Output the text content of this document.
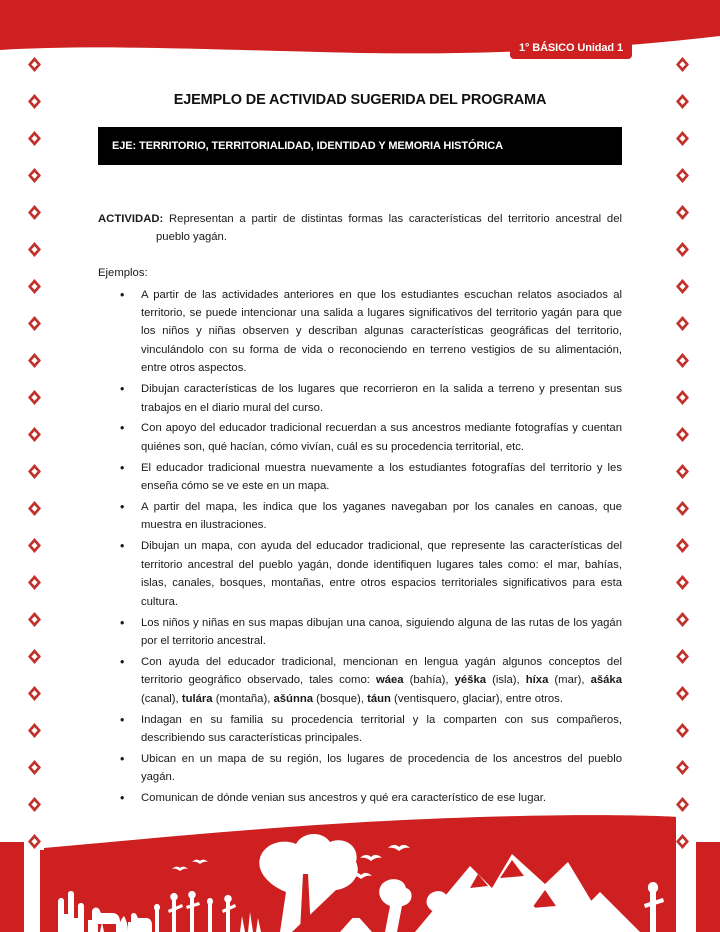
1° BÁSICO Unidad 1
EJEMPLO DE ACTIVIDAD SUGERIDA DEL PROGRAMA
EJE: TERRITORIO, TERRITORIALIDAD, IDENTIDAD Y MEMORIA HISTÓRICA
ACTIVIDAD: Representan a partir de distintas formas las características del territorio ancestral del pueblo yagán.
Ejemplos:
• A partir de las actividades anteriores en que los estudiantes escuchan relatos asociados al territorio, se puede intencionar una salida a lugares significativos del territorio yagán para que los niños y niñas observen y describan algunas características geográficas del territorio, vinculándolo con su forma de vida o reconociendo en terreno vestigios de su alimentación, entre otros aspectos.
• Dibujan características de los lugares que recorrieron en la salida a terreno y presentan sus trabajos en el diario mural del curso.
• Con apoyo del educador tradicional recuerdan a sus ancestros mediante fotografías y cuentan quiénes son, qué hacían, cómo vivían, cuál es su procedencia territorial, etc.
• El educador tradicional muestra nuevamente a los estudiantes fotografías del territorio y les enseña cómo se ve este en un mapa.
• A partir del mapa, les indica que los yaganes navegaban por los canales en canoas, que muestra en ilustraciones.
• Dibujan un mapa, con ayuda del educador tradicional, que represente las características del territorio ancestral del pueblo yagán, donde identifiquen lugares tales como: el mar, bahías, islas, canales, bosques, montañas, entre otros espacios territoriales significativos para esta cultura.
• Los niños y niñas en sus mapas dibujan una canoa, siguiendo alguna de las rutas de los yagán por el territorio ancestral.
• Con ayuda del educador tradicional, mencionan en lengua yagán algunos conceptos del territorio geográfico observado, tales como: wáea (bahía), yéška (isla), híxa (mar), ašáka (canal), tulára (montaña), ašúnna (bosque), táun (ventisquero, glaciar), entre otros.
• Indagan en su familia su procedencia territorial y la comparten con sus compañeros, describiendo sus características principales.
• Ubican en un mapa de su región, los lugares de procedencia de los ancestros del pueblo yagán.
• Comunican de dónde venian sus ancestros y qué era característico de ese lugar.
